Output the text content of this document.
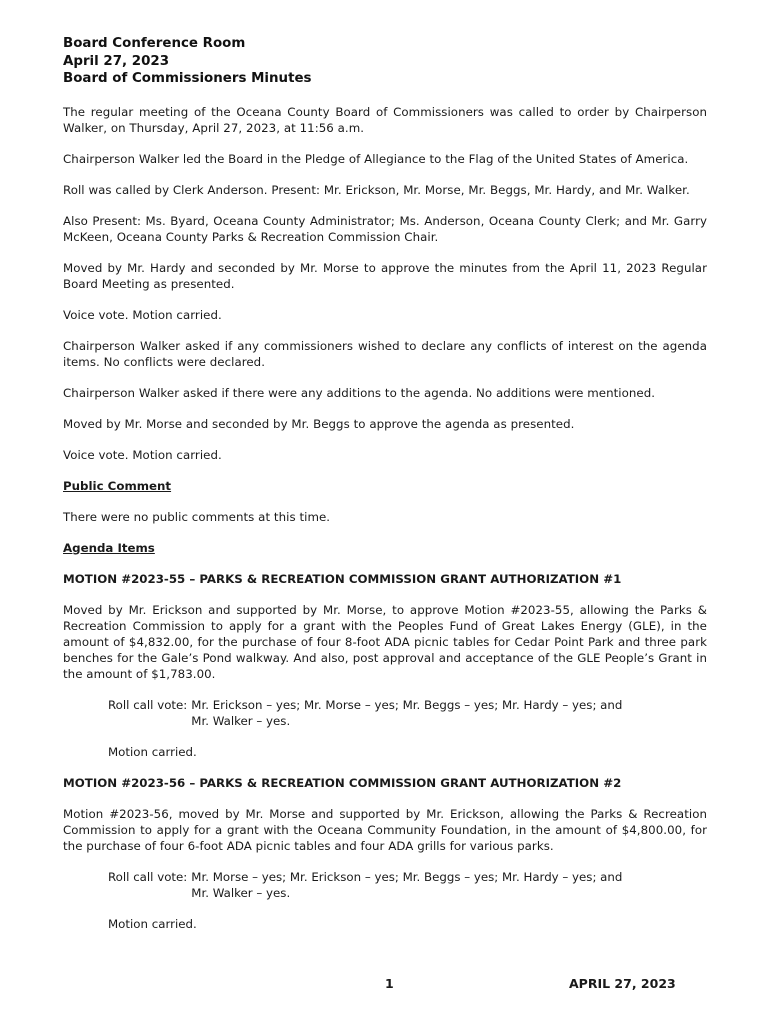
Board Conference Room

April 27, 2023

Board of Commissioners Minutes

The regular meeting of the Oceana County Board of Commissioners was called to order by Chairperson Walker, on Thursday, April 27, 2023, at 11:56 a.m.

Chairperson Walker led the Board in the Pledge of Allegiance to the Flag of the United States of America.

Roll was called by Clerk Anderson. Present: Mr. Erickson, Mr. Morse, Mr. Beggs, Mr. Hardy, and Mr. Walker.

Also Present: Ms. Byard, Oceana County Administrator; Ms. Anderson, Oceana County Clerk; and Mr. Garry McKeen, Oceana County Parks & Recreation Commission Chair.

Moved by Mr. Hardy and seconded by Mr. Morse to approve the minutes from the April 11, 2023 Regular Board Meeting as presented.

Voice vote. Motion carried.

Chairperson Walker asked if any commissioners wished to declare any conflicts of interest on the agenda items. No conflicts were declared.

Chairperson Walker asked if there were any additions to the agenda. No additions were mentioned.

Moved by Mr. Morse and seconded by Mr. Beggs to approve the agenda as presented.

Voice vote. Motion carried.

Public Comment

There were no public comments at this time.

Agenda Items

MOTION #2023-55 – PARKS & RECREATION COMMISSION GRANT AUTHORIZATION #1

Moved by Mr. Erickson and supported by Mr. Morse, to approve Motion #2023-55, allowing the Parks & Recreation Commission to apply for a grant with the Peoples Fund of Great Lakes Energy (GLE), in the amount of $4,832.00, for the purchase of four 8-foot ADA picnic tables for Cedar Point Park and three park benches for the Gale’s Pond walkway. And also, post approval and acceptance of the GLE People’s Grant in the amount of $1,783.00.

Roll call vote: Mr. Erickson – yes; Mr. Morse – yes; Mr. Beggs – yes; Mr. Hardy – yes; and
Mr. Walker – yes.

Motion carried.

MOTION #2023-56 – PARKS & RECREATION COMMISSION GRANT AUTHORIZATION #2

Motion #2023-56, moved by Mr. Morse and supported by Mr. Erickson, allowing the Parks & Recreation Commission to apply for a grant with the Oceana Community Foundation, in the amount of $4,800.00, for the purchase of four 6-foot ADA picnic tables and four ADA grills for various parks.

Roll call vote: Mr. Morse – yes; Mr. Erickson – yes; Mr. Beggs – yes; Mr. Hardy – yes; and
Mr. Walker – yes.

Motion carried.

1	APRIL 27, 2023
